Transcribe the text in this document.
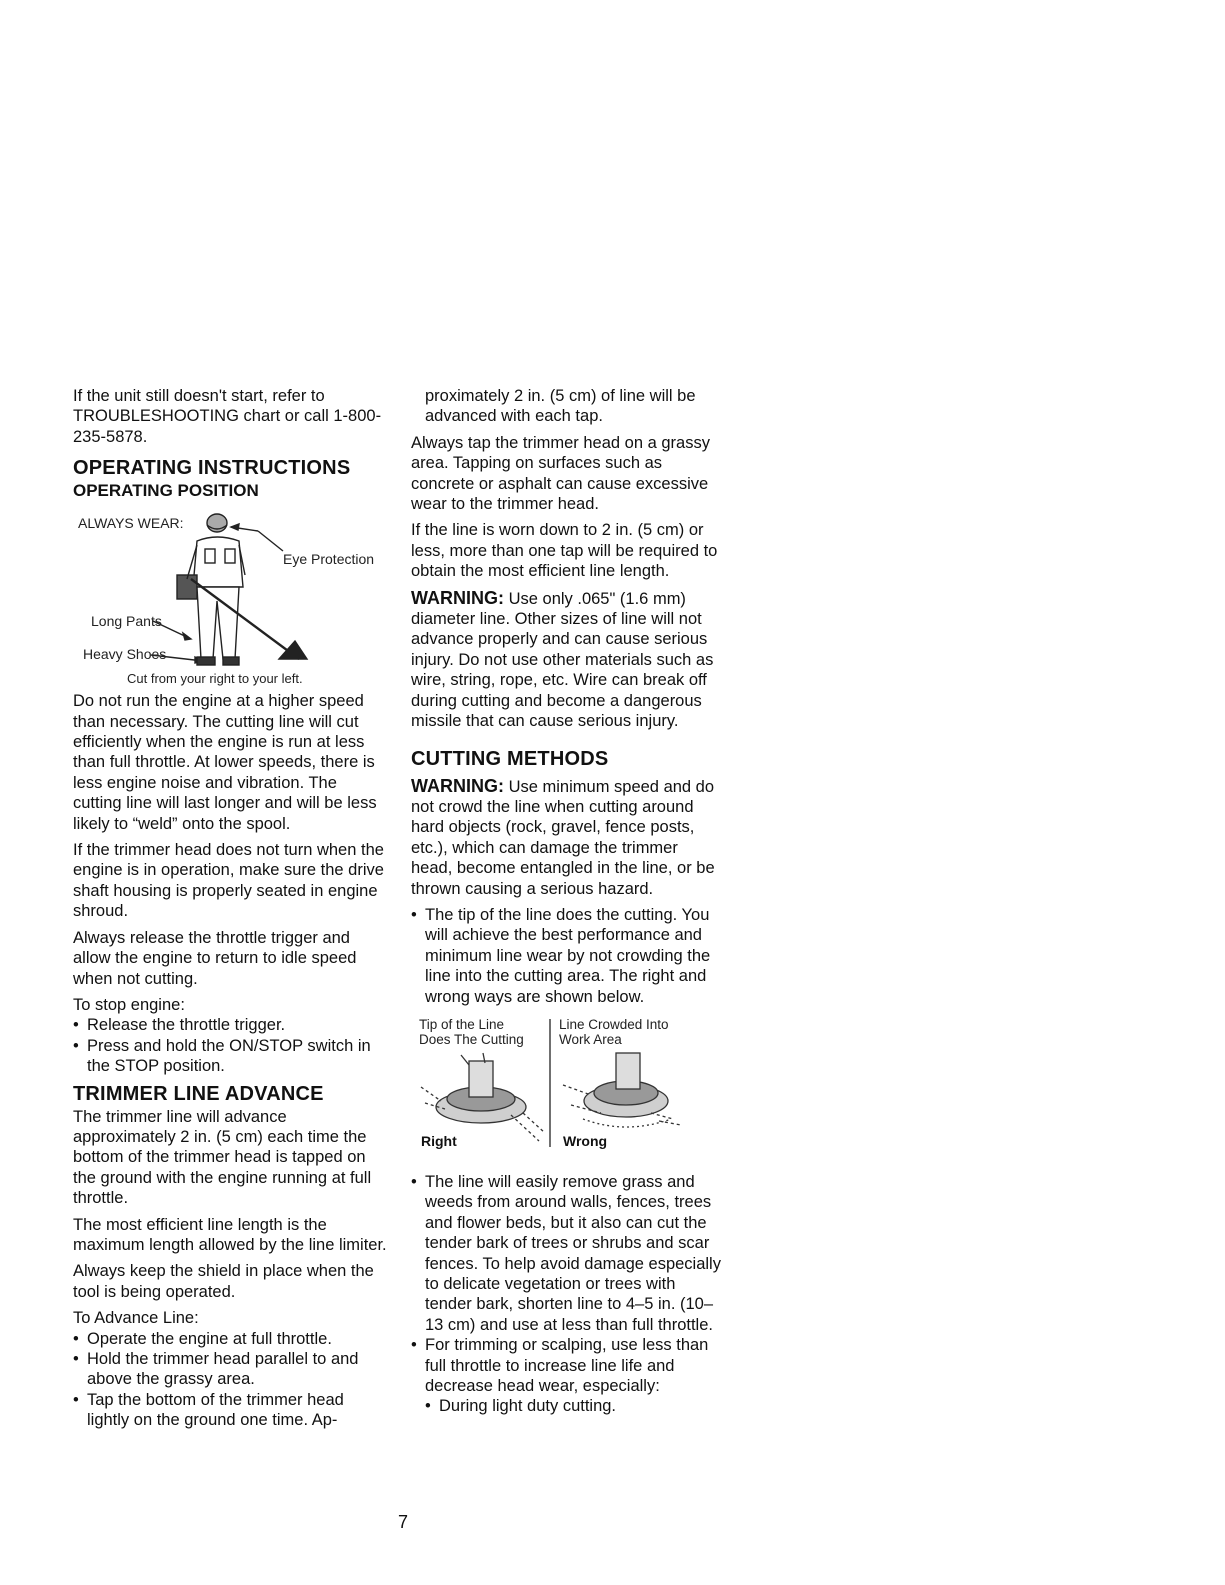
If the unit still doesn't start, refer to TROUBLESHOOTING chart or call 1-800-235-5878.

OPERATING INSTRUCTIONS
OPERATING POSITION
ALWAYS WEAR:
Eye Protection
Long Pants
Heavy Shoes
Cut from your right to your left.

Do not run the engine at a higher speed than necessary. The cutting line will cut efficiently when the engine is run at less than full throttle. At lower speeds, there is less engine noise and vibration. The cutting line will last longer and will be less likely to “weld” onto the spool.

If the trimmer head does not turn when the engine is in operation, make sure the drive shaft housing is properly seated in engine shroud.

Always release the throttle trigger and allow the engine to return to idle speed when not cutting.

To stop engine:

• Release the throttle trigger.

• Press and hold the ON/STOP switch in the STOP position.

TRIMMER LINE ADVANCE

The trimmer line will advance approximately 2 in. (5 cm) each time the bottom of the trimmer head is tapped on the ground with the engine running at full throttle.

The most efficient line length is the maximum length allowed by the line limiter.

Always keep the shield in place when the tool is being operated.

To Advance Line:

• Operate the engine at full throttle.

• Hold the trimmer head parallel to and above the grassy area.

• Tap the bottom of the trimmer head lightly on the ground one time. Ap-

proximately 2 in. (5 cm) of line will be advanced with each tap.

Always tap the trimmer head on a grassy area. Tapping on surfaces such as concrete or asphalt can cause excessive wear to the trimmer head.

If the line is worn down to 2 in. (5 cm) or less, more than one tap will be required to obtain the most efficient line length.

WARNING: Use only .065" (1.6 mm) diameter line. Other sizes of line will not advance properly and can cause serious injury. Do not use other materials such as wire, string, rope, etc. Wire can break off during cutting and become a dangerous missile that can cause serious injury.

CUTTING METHODS

WARNING: Use minimum speed and do not crowd the line when cutting around hard objects (rock, gravel, fence posts, etc.), which can damage the trimmer head, become entangled in the line, or be thrown causing a serious hazard.

• The tip of the line does the cutting. You will achieve the best performance and minimum line wear by not crowding the line into the cutting area. The right and wrong ways are shown below.

Tip of the Line
Does The Cutting
Line Crowded Into
Work Area
Right	Wrong

• The line will easily remove grass and weeds from around walls, fences, trees and flower beds, but it also can cut the tender bark of trees or shrubs and scar fences. To help avoid damage especially to delicate vegetation or trees with tender bark, shorten line to 4–5 in. (10–13 cm) and use at less than full throttle.

• For trimming or scalping, use less than full throttle to increase line life and decrease head wear, especially:

• During light duty cutting.

7
